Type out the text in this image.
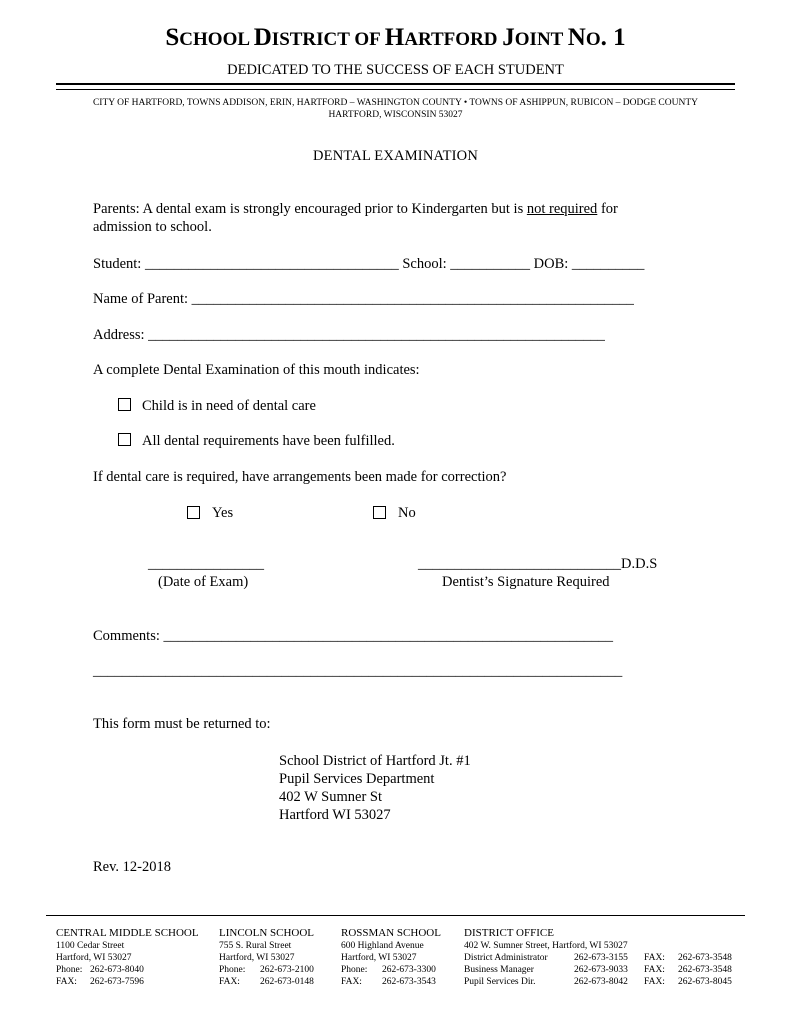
SCHOOL DISTRICT OF HARTFORD JOINT NO. 1
DEDICATED TO THE SUCCESS OF EACH STUDENT
CITY OF HARTFORD, TOWNS ADDISON, ERIN, HARTFORD – WASHINGTON COUNTY • TOWNS OF ASHIPPUN, RUBICON – DODGE COUNTY
HARTFORD, WISCONSIN 53027
DENTAL EXAMINATION
Parents: A dental exam is strongly encouraged prior to Kindergarten but is not required for
admission to school.
Student: ___________________________________ School: ___________ DOB: __________
Name of Parent: _____________________________________________________________
Address: _______________________________________________________________
A complete Dental Examination of this mouth indicates:
Child is in need of dental care
All dental requirements have been fulfilled.
If dental care is required, have arrangements been made for correction?
Yes	No
________________
(Date of Exam)
____________________________D.D.S
Dentist’s Signature Required
Comments: ______________________________________________________________
_________________________________________________________________________
This form must be returned to:
School District of Hartford Jt. #1
Pupil Services Department
402 W Sumner St
Hartford WI 53027
Rev. 12-2018
CENTRAL MIDDLE SCHOOL
1100 Cedar Street
Hartford, WI 53027
Phone: 262-673-8040
FAX: 262-673-7596
LINCOLN SCHOOL
755 S. Rural Street
Hartford, WI 53027
Phone: 262-673-2100
FAX: 262-673-0148
ROSSMAN SCHOOL
600 Highland Avenue
Hartford, WI 53027
Phone: 262-673-3300
FAX: 262-673-3543
DISTRICT OFFICE
402 W. Sumner Street, Hartford, WI 53027
District Administrator	262-673-3155 FAX: 262-673-3548
Business Manager	262-673-9033 FAX: 262-673-3548
Pupil Services Dir.	262-673-8042 FAX: 262-673-8045
